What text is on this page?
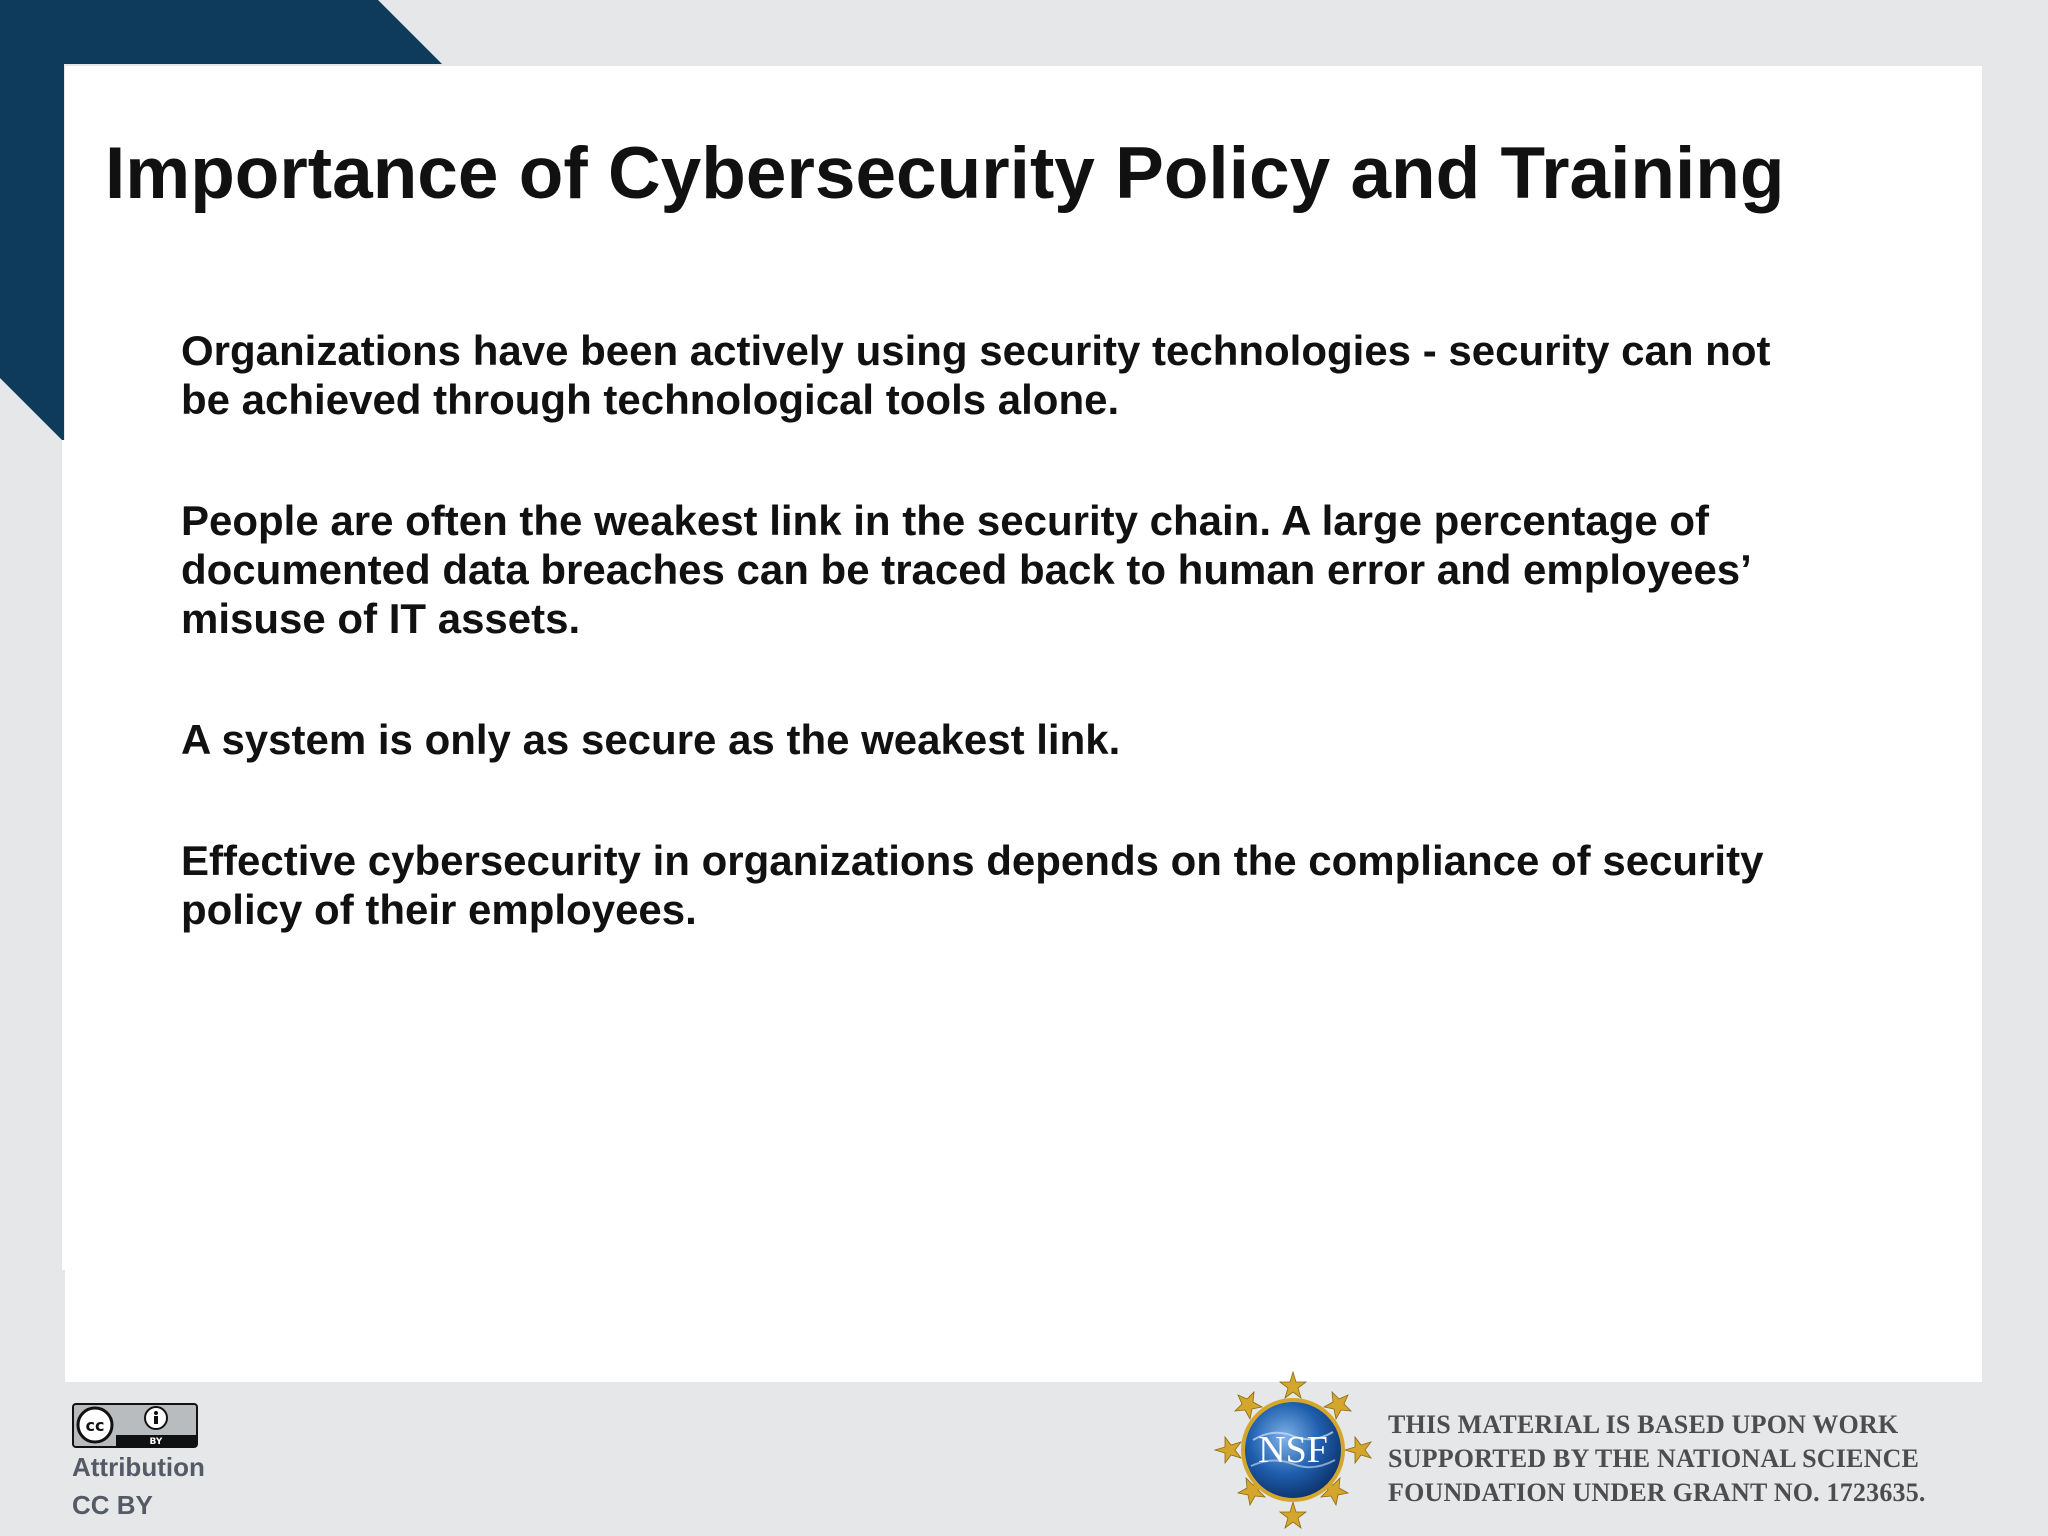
Importance of Cybersecurity Policy and Training
Organizations have been actively using security technologies - security can not
be achieved through technological tools alone.
People are often the weakest link in the security chain. A large percentage of
documented data breaches can be traced back to human error and employees’
misuse of IT assets.
A system is only as secure as the weakest link.
Effective cybersecurity in organizations depends on the compliance of security
policy of their employees.
cc
BY
Attribution
CC BY
NSF

THIS MATERIAL IS BASED UPON WORK
SUPPORTED BY THE NATIONAL SCIENCE
FOUNDATION UNDER GRANT NO. 1723635.
